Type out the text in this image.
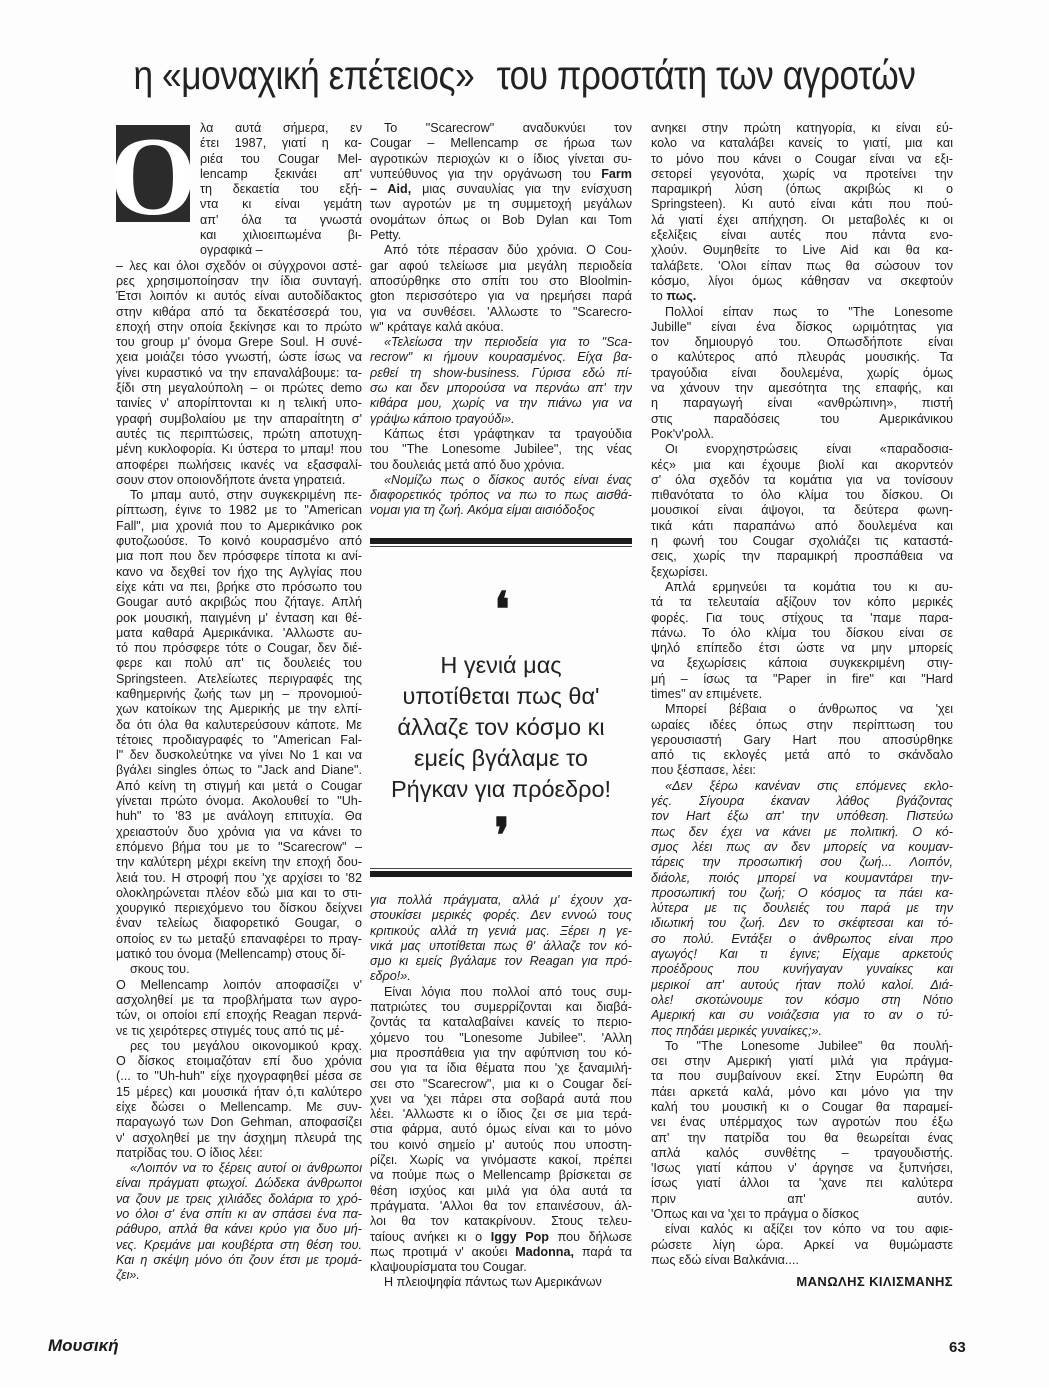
η «μοναχική επέτειος» του προστάτη των αγροτών
Ο λα αυτά σήμερα, εν
έτει 1987, γιατί η κα-
ριέα του Cougar Mel-
lencamp ξεκινάει απ'
τη δεκαετία του εξή-
ντα κι είναι γεμάτη
απ' όλα τα γνωστά
και χιλιοειπωμένα βι-
ογραφικά –
– λες και όλοι σχεδόν οι σύγχρονοι αστέ-
ρες χρησιμοποίησαν την ίδια συνταγή.
Έτσι λοιπόν κι αυτός είναι αυτοδίδακτος
στην κιθάρα από τα δεκατέσσερά του,
εποχή στην οποία ξεκίνησε και το πρώτο
του group μ' όνομα Grepe Soul. Η συνέ-
χεια μοιάζει τόσο γνωστή, ώστε ίσως να
γίνει κυραστικό να την επαναλάβουμε: τα-
ξίδι στη μεγαλούπολη – οι πρώτες demo
ταινίες ν' απορίπτονται κι η τελική υπο-
γραφή συμβολαίου με την απαραίτητη σ'
αυτές τις περιπτώσεις, πρώτη αποτυχη-
μένη κυκλοφορία. Κι ύστερα το μπαμ! που
αποφέρει πωλήσεις ικανές να εξασφαλί-
σουν στον οποιονδήποτε άνετα γηρατειά.
Το μπαμ αυτό, στην συγκεκριμένη πε-
ρίπτωση, έγινε το 1982 με το "American
Fall", μια χρονιά που το Αμερικάνικο ροκ
φυτοζωούσε. Το κοινό κουρασμένο από
μια ποπ που δεν πρόσφερε τίποτα κι ανί-
κανο να δεχθεί τον ήχο της Αγλγίας που
είχε κάτι να πει, βρήκε στο πρόσωπο του
Gougar αυτό ακριβώς που ζήταγε. Απλή
ροκ μουσική, παιγμένη μ' ένταση και θέ-
ματα καθαρά Αμερικάνικα. 'Αλλωστε αυ-
τό που πρόσφερε τότε ο Cougar, δεν διέ-
φερε και πολύ απ' τις δουλειές του
Springsteen. Ατελείωτες περιγραφές της
καθημερινής ζωής των μη – προνομιού-
χων κατοίκων της Αμερικής με την ελπί-
δα ότι όλα θα καλυτερεύσουν κάποτε. Με
τέτοιες προδιαγραφές το "American Fal-
l" δεν δυσκολεύτηκε να γίνει No 1 και να
βγάλει singles όπως το "Jack and Diane".
Από κείνη τη στιγμή και μετά ο Cougar
γίνεται πρώτο όνομα. Ακολουθεί το "Uh-
huh" το '83 με ανάλογη επιτυχία. Θα
χρειαστούν δυο χρόνια για να κάνει το
επόμενο βήμα του με το "Scarecrow" –
την καλύτερη μέχρι εκείνη την εποχή δου-
λειά του. Η στροφή που 'χε αρχίσει το '82
ολοκληρώνεται πλέον εδώ μια και το στι-
χουργικό περιεχόμενο του δίσκου δείχνει
έναν τελείως διαφορετικό Gougar, ο
οποίος εν τω μεταξύ επαναφέρει το πραγ-
ματικό του όνομα (Mellencamp) στους δί-
σκους του.
Ο Mellencamp λοιπόν αποφασίζει ν'
ασχοληθεί με τα προβλήματα των αγρο-
τών, οι οποίοι επί εποχής Reagan περνά-
νε τις χειρότερες στιγμές τους από τις μέ-
ρες του μεγάλου οικονομικού κραχ.
Ο δίσκος ετοιμαζόταν επί δυο χρόνια
(... το "Uh-huh" είχε ηχογραφηθεί μέσα σε
15 μέρες) και μουσικά ήταν ό,τι καλύτερο
είχε δώσει ο Mellencamp. Με συν-
παραγωγό των Don Gehman, αποφασίζει
ν' ασχοληθεί με την άσχημη πλευρά της
πατρίδας του. Ο ίδιος λέει:
«Λοιπόν να το ξέρεις αυτοί οι άνθρωποι
είναι πράγματι φτωχοί. Δώδεκα άνθρωποι
να ζουν με τρεις χιλιάδες δολάρια το χρό-
νο όλοι σ' ένα σπίτι κι αν σπάσει ένα πα-
ράθυρο, απλά θα κάνει κρύο για δυο μή-
νες. Κρεμάνε μαι κουβέρτα στη θέση του.
Και η σκέψη μόνο ότι ζουν έτσι με τρομά-
ζει».
Το "Scarecrow" αναδυκνύει τον
Cougar – Mellencamp σε ήρωα των
αγροτικών περιοχών κι ο ίδιος γίνεται συ-
νυπεύθυνος για την οργάνωση του Farm
– Aid, μιας συναυλίας για την ενίσχυση
των αγροτών με τη συμμετοχή μεγάλων
ονομάτων όπως οι Bob Dylan και Tom
Petty.
Από τότε πέρασαν δύο χρόνια. Ο Cou-
gar αφού τελείωσε μια μεγάλη περιοδεία
αποσύρθηκε στο σπίτι του στο Bloolmin-
gton περισσότερο για να ηρεμήσει παρά
για να συνθέσει. 'Αλλωστε το "Scarecro-
w" κράταγε καλά ακόυα.
«Τελείωσα την περιοδεία για το "Sca-
recrow" κι ήμουν κουρασμένος. Είχα βα-
ρεθεί τη show-business. Γύρισα εδώ πί-
σω και δεν μπορούσα να περνάω απ' την
κιθάρα μου, χωρίς να την πιάνω για να
γράψω κάποιο τραγούδι».
Κάπως έτσι γράφτηκαν τα τραγούδια
του "The Lonesome Jubilee", της νέας
του δουλειάς μετά από δυο χρόνια.
«Νομίζω πως ο δίσκος αυτός είναι ένας
διαφορετικός τρόπος να πω το πως αισθά-
νομαι για τη ζωή. Ακόμα είμαι αισιόδοξος
❛
Η γενιά μας
υποτίθεται πως θα'
άλλαζε τον κόσμο κι
εμείς βγάλαμε το
Ρήγκαν για πρόεδρο!
❜
για πολλά πράγματα, αλλά μ' έχουν χα-
στουκίσει μερικές φορές. Δεν εννοώ τους
κριτικούς αλλά τη γενιά μας. Ξέρει η γε-
νικά μας υποτίθεται πως θ' άλλαζε τον κό-
σμο κι εμείς βγάλαμε τον Reagan για πρό-
εδρο!».
Είναι λόγια που πολλοί από τους συμ-
πατριώτες του συμερρίζονται και διαβά-
ζοντάς τα καταλαβαίνει κανείς το περιο-
χόμενο του "Lonesome Jubilee". 'Αλλη
μια προσπάθεια για την αφύπνιση του κό-
σου για τα ίδια θέματα που 'χε ξαναμιλή-
σει στο "Scarecrow", μια κι ο Cougar δεί-
χνει να 'χει πάρει στα σοβαρά αυτά που
λέει. 'Αλλωστε κι ο ίδιος ζει σε μια τερά-
στια φάρμα, αυτό όμως είναι και το μόνο
του κοινό σημείο μ' αυτούς που υποστη-
ρίζει. Χωρίς να γινόμαστε κακοί, πρέπει
να πούμε πως ο Mellencamp βρίσκεται σε
θέση ισχύος και μιλά για όλα αυτά τα
πράγματα. 'Αλλοι θα τον επαινέσουν, άλ-
λοι θα τον κατακρίνουν. Στους τελευ-
ταίους ανήκει κι ο Iggy Pop που δήλωσε
πως προτιμά ν' ακούει Madonna, παρά τα
κλαψουρίσματα του Cougar.
Η πλειοψηφία πάντως των Αμερικάνων
ανηκει στην πρώτη κατηγορία, κι είναι εύ-
κολο να καταλάβει κανείς το γιατί, μια και
το μόνο που κάνει ο Cougar είναι να εξι-
σετορεί γεγονότα, χωρίς να προτείνει την
παραμικρή λύση (όπως ακριβώς κι ο
Springsteen). Κι αυτό είναι κάτι που πού-
λά γιατί έχει απήχηση. Οι μεταβολές κι οι
εξελίξεις είναι αυτές που πάντα ενο-
χλούν. Θυμηθείτε το Live Aid και θα κα-
ταλάβετε. 'Ολοι είπαν πως θα σώσουν τον
κόσμο, λίγοι όμως κάθησαν να σκεφτούν
το πως.
Πολλοί είπαν πως το "The Lonesome
Jubille" είναι ένα δίσκος ωριμότητας για
τον δημιουργό του. Οπωσδήποτε είναι
ο καλύτερος από πλευράς μουσικής. Τα
τραγούδια είναι δουλεμένα, χωρίς όμως
να χάνουν την αμεσότητα της επαφής, και
η παραγωγή είναι «ανθρώπινη», πιστή
στις παραδόσεις του Αμερικάνικου
Ροκ'ν'ρολλ.
Οι ενορχηστρώσεις είναι «παραδοσια-
κές» μια και έχουμε βιολί και ακορντεόν
σ' όλα σχεδόν τα κομάτια για να τονίσουν
πιθανότατα το όλο κλίμα του δίσκου. Οι
μουσικοί είναι άψογοι, τα δεύτερα φωνη-
τικά κάτι παραπάνω από δουλεμένα και
η φωνή του Cougar σχολιάζει τις καταστά-
σεις, χωρίς την παραμικρή προσπάθεια να
ξεχωρίσει.
Απλά ερμηνεύει τα κομάτια του κι αυ-
τά τα τελευταία αξίζουν τον κόπο μερικές
φορές. Για τους στίχους τα 'παμε παρα-
πάνω. Το όλο κλίμα του δίσκου είναι σε
ψηλό επίπεδο έτσι ώστε να μην μπορείς
να ξεχωρίσεις κάποια συγκεκριμένη στιγ-
μή – ίσως τα "Paper in fire" και "Hard
times" αν επιμένετε.
Μπορεί βέβαια ο άνθρωπος να 'χει
ωραίες ιδέες όπως στην περίπτωση του
γερουσιαστή Gary Hart που αποσύρθηκε
από τις εκλογές μετά από το σκάνδαλο
που ξέσπασε, λέει:
«Δεν ξέρω κανέναν στις επόμενες εκλο-
γές. Σίγουρα έκαναν λάθος βγάζοντας
τον Hart έξω απ' την υπόθεση. Πιστεύω
πως δεν έχει να κάνει με πολιτική. Ο κό-
σμος λέει πως αν δεν μπορείς να κουμαν-
τάρεις την προσωπική σου ζωή... Λοιπόν,
διάολε, ποιός μπορεί να κουμαντάρει την-
προσωπική του ζωή; Ο κόσμος τα πάει κα-
λύτερα με τις δουλειές του παρά με την
ιδιωτική του ζωή. Δεν το σκέφτεσαι και τό-
σο πολύ. Εντάξει ο άνθρωπος είναι προ
αγωγός! Και τι έγινε; Είχαμε αρκετούς
προέδρους που κυνήγαγαν γυναίκες και
μερικοί απ' αυτούς ήταν πολύ καλοί. Διά-
ολε! σκοτώνουμε τον κόσμο στη Νότιο
Αμερική και συ νοιάζεσια για το αν ο τύ-
πος πηδάει μερικές γυναίκες;».
Το "The Lonesome Jubilee" θα πουλή-
σει στην Αμερική γιατί μιλά για πράγμα-
τα που συμβαίνουν εκεί. Στην Ευρώπη θα
πάει αρκετά καλά, μόνο και μόνο για την
καλή του μουσική κι ο Cougar θα παραμεί-
νει ένας υπέρμαχος των αγροτών που έξω
απ' την πατρίδα του θα θεωρείται ένας
απλά καλός συνθέτης – τραγουδιστής.
'Ισως γιατί κάπου ν' άργησε να ξυπνήσει,
ίσως γιατί άλλοι τα 'χανε πει καλύτερα
πριν απ' αυτόν.
'Οπως και να 'χει το πράγμα ο δίσκος
είναι καλός κι αξίζει τον κόπο να του αφιε-
ρώσετε λίγη ώρα. Αρκεί να θυμώμαστε
πως εδώ είναι Βαλκάνια....
ΜΑΝΩΛΗΣ ΚΙΛΙΣΜΑΝΗΣ
Μουσική	63
